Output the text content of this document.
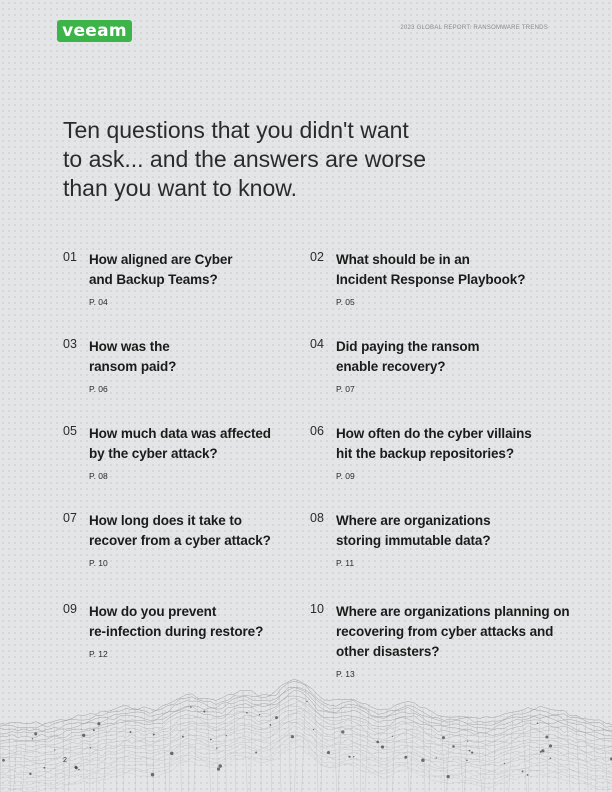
veeam	2023 GLOBAL REPORT: RANSOMWARE TRENDS
Ten questions that you didn't want
to ask... and the answers are worse
than you want to know.
01 How aligned are Cyber
and Backup Teams?
P. 04
02 What should be in an
Incident Response Playbook?
P. 05
03 How was the
ransom paid?
P. 06
04 Did paying the ransom
enable recovery?
P. 07
05 How much data was affected
by the cyber attack?
P. 08
06 How often do the cyber villains
hit the backup repositories?
P. 09
07 How long does it take to
recover from a cyber attack?
P. 10
08 Where are organizations
storing immutable data?
P. 11
09 How do you prevent
re-infection during restore?
P. 12
10 Where are organizations planning on
recovering from cyber attacks and
other disasters?
P. 13
2
